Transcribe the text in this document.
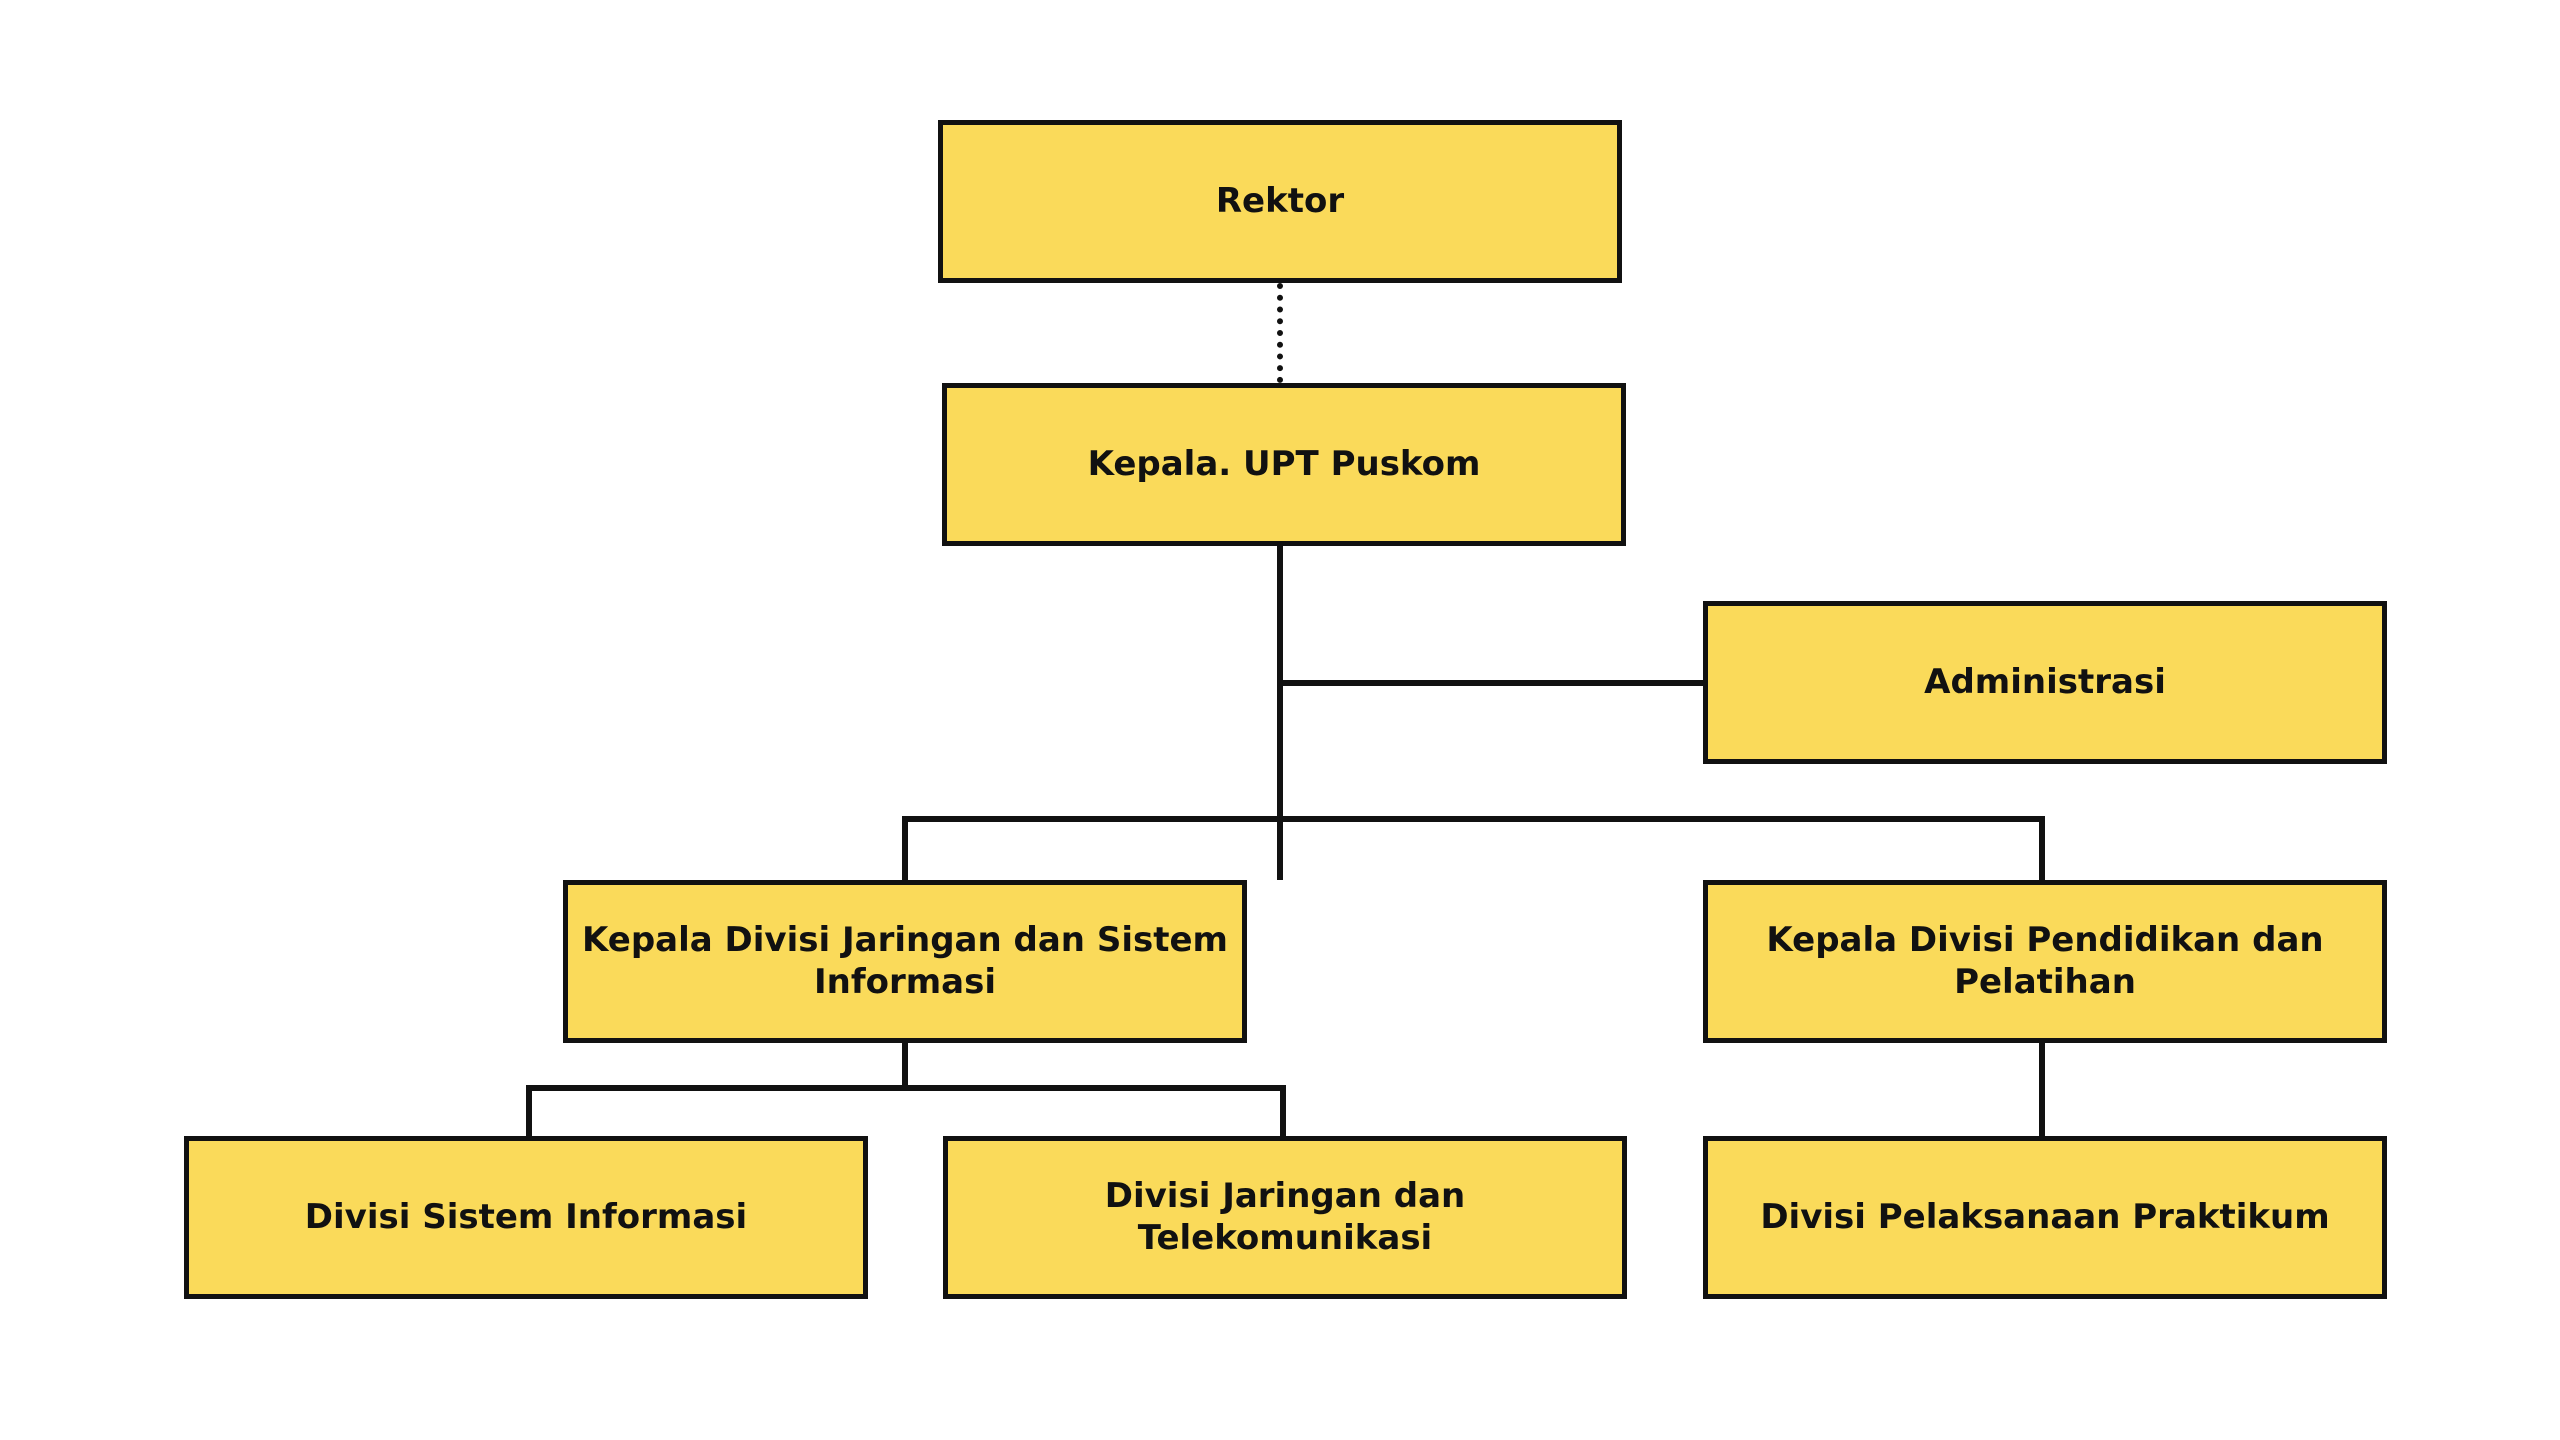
Rektor
Kepala. UPT Puskom
Administrasi
Kepala Divisi Jaringan dan Sistem Informasi
Kepala Divisi Pendidikan dan Pelatihan
Divisi Sistem Informasi
Divisi Jaringan dan Telekomunikasi
Divisi Pelaksanaan Praktikum
